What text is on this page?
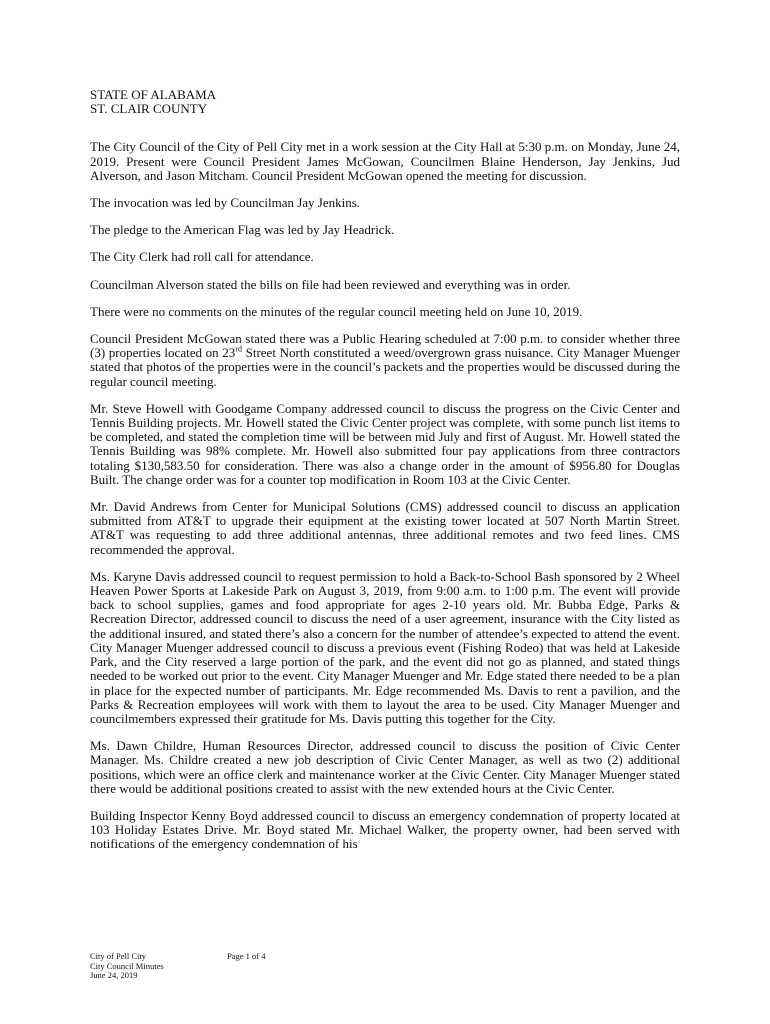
STATE OF ALABAMA

ST. CLAIR COUNTY

The City Council of the City of Pell City met in a work session at the City Hall at 5:30 p.m. on Monday, June 24, 2019. Present were Council President James McGowan, Councilmen Blaine Henderson, Jay Jenkins, Jud Alverson, and Jason Mitcham. Council President McGowan opened the meeting for discussion.

The invocation was led by Councilman Jay Jenkins.

The pledge to the American Flag was led by Jay Headrick.

The City Clerk had roll call for attendance.

Councilman Alverson stated the bills on file had been reviewed and everything was in order.

There were no comments on the minutes of the regular council meeting held on June 10, 2019.

Council President McGowan stated there was a Public Hearing scheduled at 7:00 p.m. to consider whether three (3) properties located on 23rd Street North constituted a weed/overgrown grass nuisance. City Manager Muenger stated that photos of the properties were in the council’s packets and the properties would be discussed during the regular council meeting.

Mr. Steve Howell with Goodgame Company addressed council to discuss the progress on the Civic Center and Tennis Building projects. Mr. Howell stated the Civic Center project was complete, with some punch list items to be completed, and stated the completion time will be between mid July and first of August. Mr. Howell stated the Tennis Building was 98% complete. Mr. Howell also submitted four pay applications from three contractors totaling $130,583.50 for consideration. There was also a change order in the amount of $956.80 for Douglas Built. The change order was for a counter top modification in Room 103 at the Civic Center.

Mr. David Andrews from Center for Municipal Solutions (CMS) addressed council to discuss an application submitted from AT&T to upgrade their equipment at the existing tower located at 507 North Martin Street. AT&T was requesting to add three additional antennas, three additional remotes and two feed lines. CMS recommended the approval.

Ms. Karyne Davis addressed council to request permission to hold a Back-to-School Bash sponsored by 2 Wheel Heaven Power Sports at Lakeside Park on August 3, 2019, from 9:00 a.m. to 1:00 p.m. The event will provide back to school supplies, games and food appropriate for ages 2-10 years old. Mr. Bubba Edge, Parks & Recreation Director, addressed council to discuss the need of a user agreement, insurance with the City listed as the additional insured, and stated there’s also a concern for the number of attendee’s expected to attend the event. City Manager Muenger addressed council to discuss a previous event (Fishing Rodeo) that was held at Lakeside Park, and the City reserved a large portion of the park, and the event did not go as planned, and stated things needed to be worked out prior to the event. City Manager Muenger and Mr. Edge stated there needed to be a plan in place for the expected number of participants. Mr. Edge recommended Ms. Davis to rent a pavilion, and the Parks & Recreation employees will work with them to layout the area to be used. City Manager Muenger and councilmembers expressed their gratitude for Ms. Davis putting this together for the City.

Ms. Dawn Childre, Human Resources Director, addressed council to discuss the position of Civic Center Manager. Ms. Childre created a new job description of Civic Center Manager, as well as two (2) additional positions, which were an office clerk and maintenance worker at the Civic Center. City Manager Muenger stated there would be additional positions created to assist with the new extended hours at the Civic Center.

Building Inspector Kenny Boyd addressed council to discuss an emergency condemnation of property located at 103 Holiday Estates Drive. Mr. Boyd stated Mr. Michael Walker, the property owner, had been served with notifications of the emergency condemnation of his

City of Pell City
City Council Minutes
June 24, 2019
Page 1 of 4
